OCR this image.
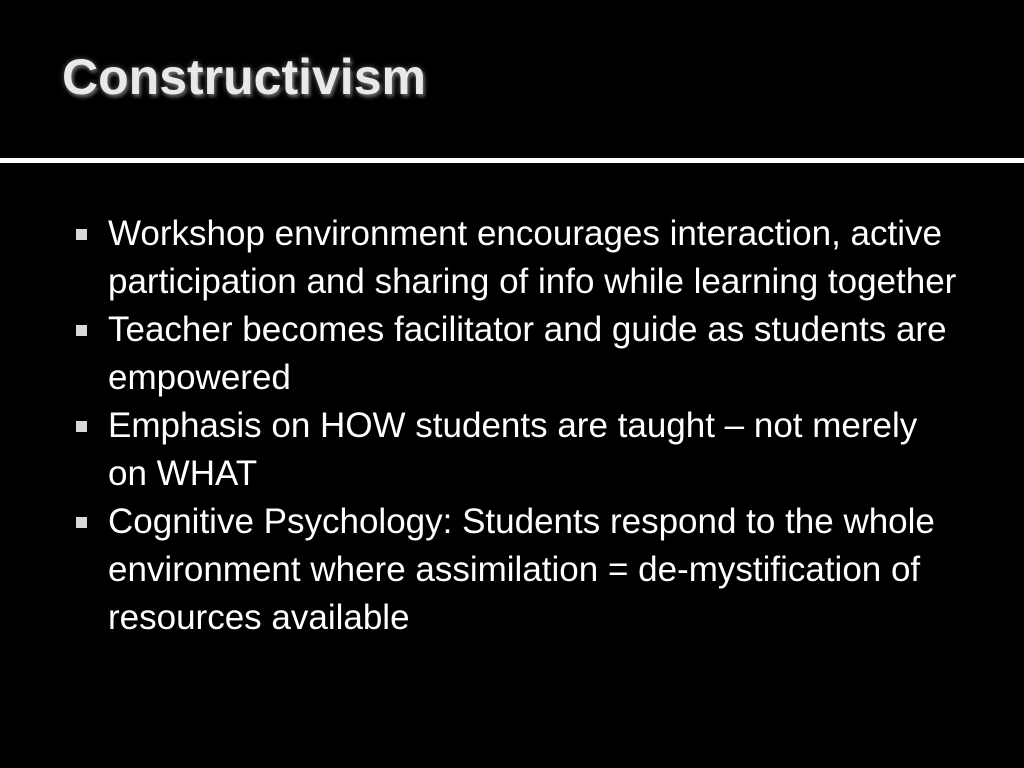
Constructivism
Workshop environment encourages interaction, active participation and sharing of info while learning together
Teacher becomes facilitator and guide as students are empowered
Emphasis on HOW students are taught – not merely on WHAT
Cognitive Psychology: Students respond to the whole environment where assimilation = de-mystification of resources available
